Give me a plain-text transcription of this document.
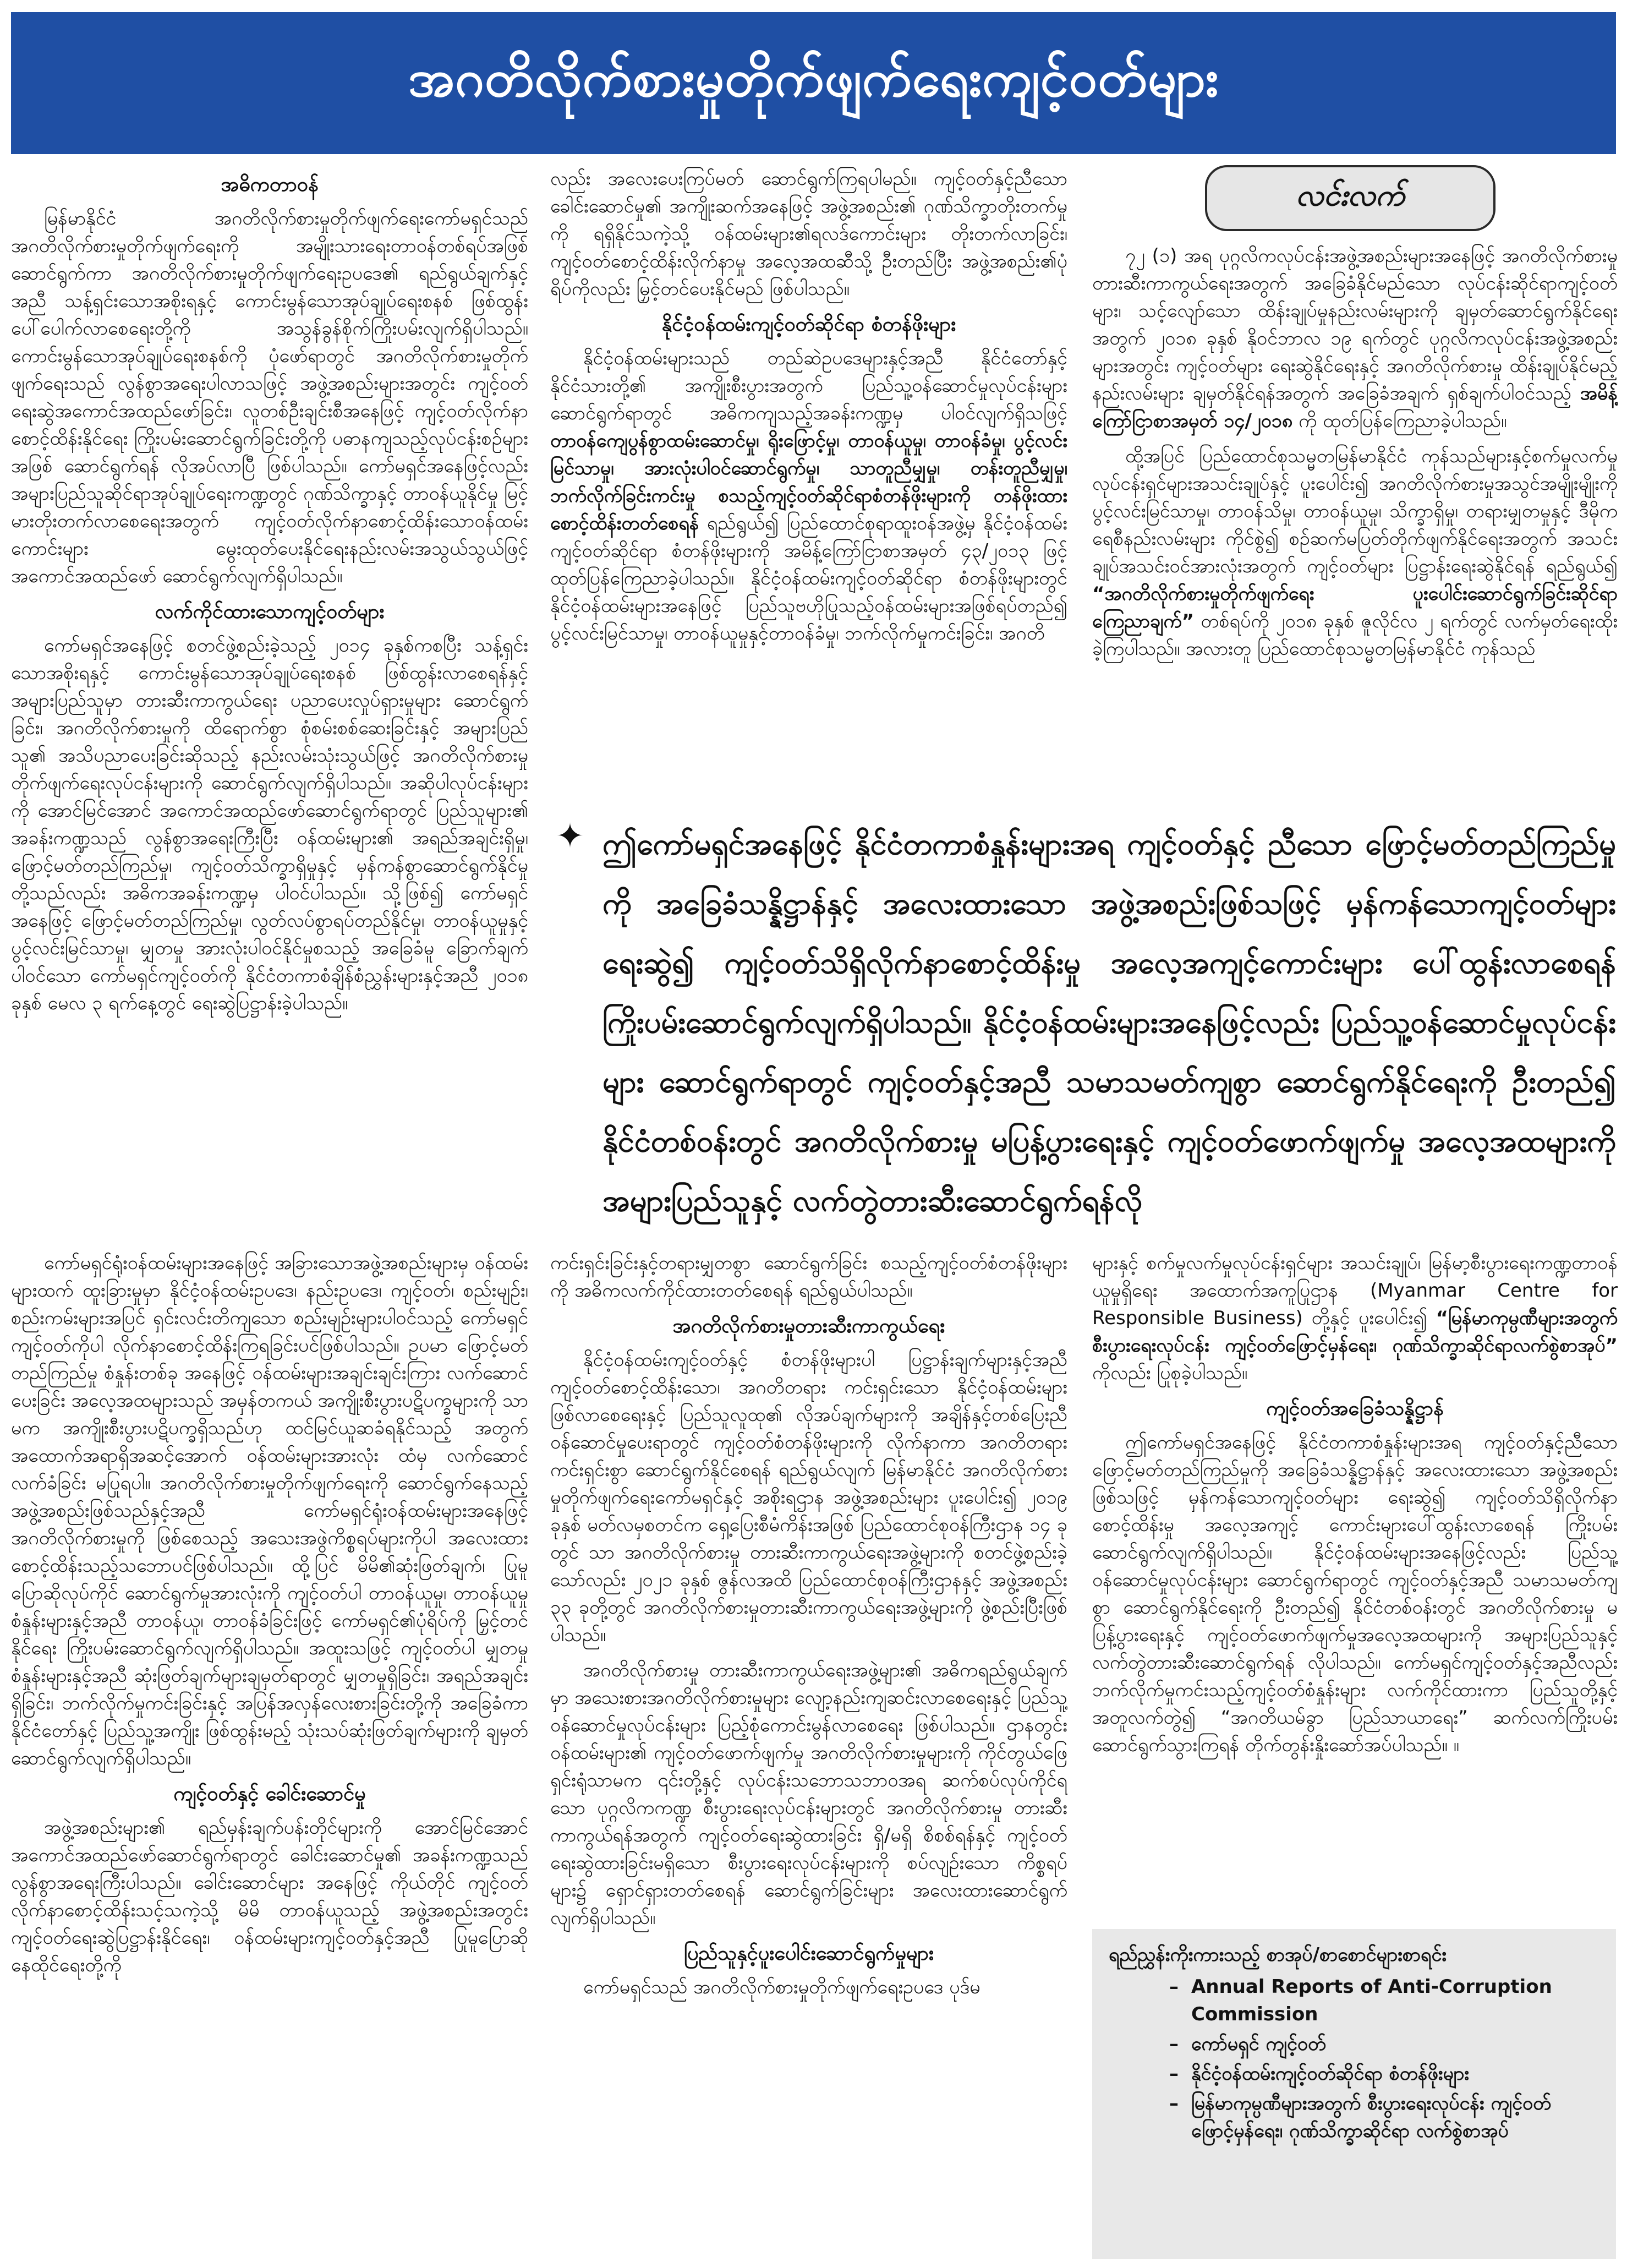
အဂတိလိုက်စားမှုတိုက်ဖျက်ရေးကျင့်ဝတ်များ
အဓိကတာဝန်

မြန်မာနိုင်ငံ အဂတိလိုက်စားမှုတိုက်ဖျက်ရေးကော်မရှင်သည် အဂတိလိုက်စားမှုတိုက်ဖျက်ရေးကို အမျိုးသားရေးတာဝန်တစ်ရပ်အဖြစ် ဆောင်ရွက်ကာ အဂတိလိုက်စားမှုတိုက်ဖျက်ရေးဥပဒေ၏ ရည်ရွယ်ချက်နှင့်အညီ သန့်ရှင်းသောအစိုးရနှင့် ကောင်းမွန်သောအုပ်ချုပ်ရေးစနစ် ဖြစ်ထွန်းပေါ်ပေါက်လာစေရေးတို့ကို အသွန်ခွန်စိုက်ကြိုးပမ်းလျက်ရှိပါသည်။ ကောင်းမွန်သောအုပ်ချုပ်ရေးစနစ်ကို ပုံဖော်ရာတွင် အဂတိလိုက်စားမှုတိုက်ဖျက်ရေးသည် လွန်စွာအရေးပါလာသဖြင့် အဖွဲ့အစည်းများအတွင်း ကျင့်ဝတ်ရေးဆွဲအကောင်အထည်ဖော်ခြင်း၊ လူတစ်ဦးချင်းစီအနေဖြင့် ကျင့်ဝတ်လိုက်နာစောင့်ထိန်းနိုင်ရေး ကြိုးပမ်းဆောင်ရွက်ခြင်းတို့ကို ပဓာနကျသည့်လုပ်ငန်းစဉ်များအဖြစ် ဆောင်ရွက်ရန် လိုအပ်လာပြီ ဖြစ်ပါသည်။ ကော်မရှင်အနေဖြင့်လည်း အများပြည်သူဆိုင်ရာအုပ်ချုပ်ရေးကဏ္ဍတွင် ဂုဏ်သိက္ခာနှင့် တာဝန်ယူနိုင်မှု မြင့်မားတိုးတက်လာစေရေးအတွက် ကျင့်ဝတ်လိုက်နာစောင့်ထိန်းသောဝန်ထမ်းကောင်းများ မွေးထုတ်ပေးနိုင်ရေးနည်းလမ်းအသွယ်သွယ်ဖြင့် အကောင်အထည်ဖော် ဆောင်ရွက်လျက်ရှိပါသည်။

လက်ကိုင်ထားသောကျင့်ဝတ်များ

ကော်မရှင်အနေဖြင့် စတင်ဖွဲ့စည်းခဲ့သည့် ၂၀၁၄ ခုနှစ်ကစပြီး သန့်ရှင်းသောအစိုးရနှင့် ကောင်းမွန်သောအုပ်ချုပ်ရေးစနစ် ဖြစ်ထွန်းလာစေရန်နှင့် အများပြည်သူမှာ တားဆီးကာကွယ်ရေး ပညာပေးလှုပ်ရှားမှုများ ဆောင်ရွက်ခြင်း၊ အဂတိလိုက်စားမှုကို ထိရောက်စွာ စုံစမ်းစစ်ဆေးခြင်းနှင့် အများပြည်သူ၏ အသိပညာပေးခြင်းဆိုသည့် နည်းလမ်းသုံးသွယ်ဖြင့် အဂတိလိုက်စားမှုတိုက်ဖျက်ရေးလုပ်ငန်းများကို ဆောင်ရွက်လျက်ရှိပါသည်။ အဆိုပါလုပ်ငန်းများကို အောင်မြင်အောင် အကောင်အထည်ဖော်ဆောင်ရွက်ရာတွင် ပြည်သူများ၏ အခန်းကဏ္ဍသည် လွန်စွာအရေးကြီးပြီး ဝန်ထမ်းများ၏ အရည်အချင်းရှိမှု၊ ဖြောင့်မတ်တည်ကြည်မှု၊ ကျင့်ဝတ်သိက္ခာရှိမှုနှင့် မှန်ကန်စွာဆောင်ရွက်နိုင်မှုတို့သည်လည်း အဓိကအခန်းကဏ္ဍမှ ပါဝင်ပါသည်။ သို့ဖြစ်၍ ကော်မရှင်အနေဖြင့် ဖြောင့်မတ်တည်ကြည်မှု၊ လွတ်လပ်စွာရပ်တည်နိုင်မှု၊ တာဝန်ယူမှုနှင့် ပွင့်လင်းမြင်သာမှု၊ မျှတမှု အားလုံးပါဝင်နိုင်မှုစသည့် အခြေခံမူ ခြောက်ချက်ပါဝင်သော ကော်မရှင်ကျင့်ဝတ်ကို နိုင်ငံတကာစံချိန်စံညွှန်းများနှင့်အညီ ၂၀၁၈ ခုနှစ် မေလ ၃ ရက်နေ့တွင် ရေးဆွဲပြဋ္ဌာန်းခဲ့ပါသည်။

လည်း အလေးပေးကြပ်မတ် ဆောင်ရွက်ကြရပါမည်။ ကျင့်ဝတ်နှင့်ညီသော ခေါင်းဆောင်မှု၏ အကျိုးဆက်အနေဖြင့် အဖွဲ့အစည်း၏ ဂုဏ်သိက္ခာတိုးတက်မှုကို ရရှိနိုင်သကဲ့သို့ ဝန်ထမ်းများ၏ရလဒ်ကောင်းများ တိုးတက်လာခြင်း၊ ကျင့်ဝတ်စောင့်ထိန်းလိုက်နာမှု အလေ့အထဆီသို့ ဦးတည်ပြီး အဖွဲ့အစည်း၏ပုံရိပ်ကိုလည်း မြှင့်တင်ပေးနိုင်မည် ဖြစ်ပါသည်။

နိုင်ငံ့ဝန်ထမ်းကျင့်ဝတ်ဆိုင်ရာ စံတန်ဖိုးများ

နိုင်ငံ့ဝန်ထမ်းများသည် တည်ဆဲဥပဒေများနှင့်အညီ နိုင်ငံတော်နှင့် နိုင်ငံသားတို့၏ အကျိုးစီးပွားအတွက် ပြည်သူ့ဝန်ဆောင်မှုလုပ်ငန်းများ ဆောင်ရွက်ရာတွင် အဓိကကျသည့်အခန်းကဏ္ဍမှ ပါဝင်လျက်ရှိသဖြင့် တာဝန်ကျေပွန်စွာထမ်းဆောင်မှု၊ ရိုးဖြောင့်မှု၊ တာဝန်ယူမှု၊ တာဝန်ခံမှု၊ ပွင့်လင်းမြင်သာမှု၊ အားလုံးပါဝင်ဆောင်ရွက်မှု၊ သာတူညီမျှမှု၊ တန်းတူညီမျှမှု၊ ဘက်လိုက်ခြင်းကင်းမှု စသည့်ကျင့်ဝတ်ဆိုင်ရာစံတန်ဖိုးများကို တန်ဖိုးထားစောင့်ထိန်းတတ်စေရန် ရည်ရွယ်၍ ပြည်ထောင်စုရာထူးဝန်အဖွဲ့မှ နိုင်ငံ့ဝန်ထမ်းကျင့်ဝတ်ဆိုင်ရာ စံတန်ဖိုးများကို အမိန့်ကြော်ငြာစာအမှတ် ၄၃/၂၀၁၃ ဖြင့် ထုတ်ပြန်ကြေညာခဲ့ပါသည်။ နိုင်ငံ့ဝန်ထမ်းကျင့်ဝတ်ဆိုင်ရာ စံတန်ဖိုးများတွင် နိုင်ငံ့ဝန်ထမ်းများအနေဖြင့် ပြည်သူဗဟိုပြုသည့်ဝန်ထမ်းများအဖြစ်ရပ်တည်၍ ပွင့်လင်းမြင်သာမှု၊ တာဝန်ယူမှုနှင့်တာဝန်ခံမှု၊ ဘက်လိုက်မှုကင်းခြင်း၊ အဂတိ

လင်းလက်

၇၂ (၁) အရ ပုဂ္ဂလိကလုပ်ငန်းအဖွဲ့အစည်းများအနေဖြင့် အဂတိလိုက်စားမှု တားဆီးကာကွယ်ရေးအတွက် အခြေခံနိုင်မည်သော လုပ်ငန်းဆိုင်ရာကျင့်ဝတ်များ၊ သင့်လျော်သော ထိန်းချုပ်မှုနည်းလမ်းများကို ချမှတ်ဆောင်ရွက်နိုင်ရေးအတွက် ၂၀၁၈ ခုနှစ် နိုဝင်ဘာလ ၁၉ ရက်တွင် ပုဂ္ဂလိကလုပ်ငန်းအဖွဲ့အစည်းများအတွင်း ကျင့်ဝတ်များ ရေးဆွဲနိုင်ရေးနှင့် အဂတိလိုက်စားမှု ထိန်းချုပ်နိုင်မည့်နည်းလမ်းများ ချမှတ်နိုင်ရန်အတွက် အခြေခံအချက် ရှစ်ချက်ပါဝင်သည့် အမိန့်ကြော်ငြာစာအမှတ် ၁၄/၂၀၁၈ ကို ထုတ်ပြန်ကြေညာခဲ့ပါသည်။

ထို့အပြင် ပြည်ထောင်စုသမ္မတမြန်မာနိုင်ငံ ကုန်သည်များနှင့်စက်မှုလက်မှုလုပ်ငန်းရှင်များအသင်းချုပ်နှင့် ပူးပေါင်း၍ အဂတိလိုက်စားမှုအသွင်အမျိုးမျိုးကို ပွင့်လင်းမြင်သာမှု၊ တာဝန်သိမှု၊ တာဝန်ယူမှု၊ သိက္ခာရှိမှု၊ တရားမျှတမှုနှင့် ဒီမိုကရေစီနည်းလမ်းများ ကိုင်စွဲ၍ စဉ်ဆက်မပြတ်တိုက်ဖျက်နိုင်ရေးအတွက် အသင်းချုပ်အသင်းဝင်အားလုံးအတွက် ကျင့်ဝတ်များ ပြဋ္ဌာန်းရေးဆွဲနိုင်ရန် ရည်ရွယ်၍ “အဂတိလိုက်စားမှုတိုက်ဖျက်ရေး ပူးပေါင်းဆောင်ရွက်ခြင်းဆိုင်ရာ ကြေညာချက်” တစ်ရပ်ကို ၂၀၁၈ ခုနှစ် ဇူလိုင်လ ၂ ရက်တွင် လက်မှတ်ရေးထိုးခဲ့ကြပါသည်။ အလားတူ ပြည်ထောင်စုသမ္မတမြန်မာနိုင်ငံ ကုန်သည်

✦ ဤကော်မရှင်အနေဖြင့် နိုင်ငံတကာစံနှုန်းများအရ ကျင့်ဝတ်နှင့် ညီသော ဖြောင့်မတ်တည်ကြည်မှုကို အခြေခံသန္နိဋ္ဌာန်နှင့် အလေးထားသော အဖွဲ့အစည်းဖြစ်သဖြင့် မှန်ကန်သောကျင့်ဝတ်များ ရေးဆွဲ၍ ကျင့်ဝတ်သိရှိလိုက်နာစောင့်ထိန်းမှု အလေ့အကျင့်ကောင်းများ ပေါ်ထွန်းလာစေရန် ကြိုးပမ်းဆောင်ရွက်လျက်ရှိပါသည်။ နိုင်ငံ့ဝန်ထမ်းများအနေဖြင့်လည်း ပြည်သူ့ဝန်ဆောင်မှုလုပ်ငန်းများ ဆောင်ရွက်ရာတွင် ကျင့်ဝတ်နှင့်အညီ သမာသမတ်ကျစွာ ဆောင်ရွက်နိုင်ရေးကို ဦးတည်၍ နိုင်ငံတစ်ဝန်းတွင် အဂတိလိုက်စားမှု မပြန့်ပွားရေးနှင့် ကျင့်ဝတ်ဖောက်ဖျက်မှု အလေ့အထများကို အများပြည်သူနှင့် လက်တွဲတားဆီးဆောင်ရွက်ရန်လို

ကော်မရှင်ရုံးဝန်ထမ်းများအနေဖြင့် အခြားသောအဖွဲ့အစည်းများမှ ဝန်ထမ်းများထက် ထူးခြားမှုမှာ နိုင်ငံ့ဝန်ထမ်းဥပဒေ၊ နည်းဥပဒေ၊ ကျင့်ဝတ်၊ စည်းမျဉ်း၊ စည်းကမ်းများအပြင် ရှင်းလင်းတိကျသော စည်းမျဉ်းများပါဝင်သည့် ကော်မရှင်ကျင့်ဝတ်ကိုပါ လိုက်နာစောင့်ထိန်းကြရခြင်းပင်ဖြစ်ပါသည်။ ဥပမာ ဖြောင့်မတ်တည်ကြည်မှု စံနှုန်းတစ်ခု အနေဖြင့် ဝန်ထမ်းများအချင်းချင်းကြား လက်ဆောင်ပေးခြင်း အလေ့အထများသည် အမှန်တကယ် အကျိုးစီးပွားပဋိပက္ခများကို သာမက အကျိုးစီးပွားပဋိပက္ခရှိသည်ဟု ထင်မြင်ယူဆခံရနိုင်သည့် အတွက် အထောက်အရာရှိအဆင့်အောက် ဝန်ထမ်းများအားလုံး ထံမှ လက်ဆောင်လက်ခံခြင်း မပြုရပါ။ အဂတိလိုက်စားမှုတိုက်ဖျက်ရေးကို ဆောင်ရွက်နေသည့် အဖွဲ့အစည်းဖြစ်သည်နှင့်အညီ ကော်မရှင်ရုံးဝန်ထမ်းများအနေဖြင့် အဂတိလိုက်စားမှုကို ဖြစ်စေသည့် အသေးအဖွဲကိစ္စရပ်များကိုပါ အလေးထားစောင့်ထိန်းသည့်သဘောပင်ဖြစ်ပါသည်။ ထို့ပြင် မိမိ၏ဆုံးဖြတ်ချက်၊ ပြုမူပြောဆိုလုပ်ကိုင် ဆောင်ရွက်မှုအားလုံးကို ကျင့်ဝတ်ပါ တာဝန်ယူမှု၊ တာဝန်ယူမှုစံနှုန်းများနှင့်အညီ တာဝန်ယူ၊ တာဝန်ခံခြင်းဖြင့် ကော်မရှင်၏ပုံရိပ်ကို မြှင့်တင်နိုင်ရေး ကြိုးပမ်းဆောင်ရွက်လျက်ရှိပါသည်။ အထူးသဖြင့် ကျင့်ဝတ်ပါ မျှတမှုစံနှုန်းများနှင့်အညီ ဆုံးဖြတ်ချက်များချမှတ်ရာတွင် မျှတမှုရှိခြင်း၊ အရည်အချင်းရှိခြင်း၊ ဘက်လိုက်မှုကင်းခြင်းနှင့် အပြန်အလှန်လေးစားခြင်းတို့ကို အခြေခံကာ နိုင်ငံတော်နှင့် ပြည်သူ့အကျိုး ဖြစ်ထွန်းမည့် သုံးသပ်ဆုံးဖြတ်ချက်များကို ချမှတ်ဆောင်ရွက်လျက်ရှိပါသည်။

ကျင့်ဝတ်နှင့် ခေါင်းဆောင်မှု

အဖွဲ့အစည်းများ၏ ရည်မှန်းချက်ပန်းတိုင်များကို အောင်မြင်အောင် အကောင်အထည်ဖော်ဆောင်ရွက်ရာတွင် ခေါင်းဆောင်မှု၏ အခန်းကဏ္ဍသည် လွန်စွာအရေးကြီးပါသည်။ ခေါင်းဆောင်များ အနေဖြင့် ကိုယ်တိုင် ကျင့်ဝတ်လိုက်နာစောင့်ထိန်းသင့်သကဲ့သို့ မိမိ တာဝန်ယူသည့် အဖွဲ့အစည်းအတွင်း ကျင့်ဝတ်ရေးဆွဲပြဋ္ဌာန်းနိုင်ရေး၊ ဝန်ထမ်းများကျင့်ဝတ်နှင့်အညီ ပြုမူပြောဆိုနေထိုင်ရေးတို့ကို

ကင်းရှင်းခြင်းနှင့်တရားမျှတစွာ ဆောင်ရွက်ခြင်း စသည့်ကျင့်ဝတ်စံတန်ဖိုးများကို အဓိကလက်ကိုင်ထားတတ်စေရန် ရည်ရွယ်ပါသည်။

အဂတိလိုက်စားမှုတားဆီးကာကွယ်ရေး

နိုင်ငံ့ဝန်ထမ်းကျင့်ဝတ်နှင့် စံတန်ဖိုးများပါ ပြဋ္ဌာန်းချက်များနှင့်အညီ ကျင့်ဝတ်စောင့်ထိန်းသော၊ အဂတိတရား ကင်းရှင်းသော နိုင်ငံ့ဝန်ထမ်းများ ဖြစ်လာစေရေးနှင့် ပြည်သူလူထု၏ လိုအပ်ချက်များကို အချိန်နှင့်တစ်ပြေးညီဝန်ဆောင်မှုပေးရာတွင် ကျင့်ဝတ်စံတန်ဖိုးများကို လိုက်နာကာ အဂတိတရားကင်းရှင်းစွာ ဆောင်ရွက်နိုင်စေရန် ရည်ရွယ်လျက် မြန်မာနိုင်ငံ အဂတိလိုက်စားမှုတိုက်ဖျက်ရေးကော်မရှင်နှင့် အစိုးရဌာန အဖွဲ့အစည်းများ ပူးပေါင်း၍ ၂၀၁၉ ခုနှစ် မတ်လမှစတင်က ရှေ့ပြေးစီမံကိန်းအဖြစ် ပြည်ထောင်စုဝန်ကြီးဌာန ၁၄ ခုတွင် သာ အဂတိလိုက်စားမှု တားဆီးကာကွယ်ရေးအဖွဲ့များကို စတင်ဖွဲ့စည်းခဲ့သော်လည်း ၂၀၂၁ ခုနှစ် ဇွန်လအထိ ပြည်ထောင်စုဝန်ကြီးဌာနနှင့် အဖွဲ့အစည်း ၃၃ ခုတို့တွင် အဂတိလိုက်စားမှုတားဆီးကာကွယ်ရေးအဖွဲ့များကို ဖွဲ့စည်းပြီးဖြစ်ပါသည်။

အဂတိလိုက်စားမှု တားဆီးကာကွယ်ရေးအဖွဲ့များ၏ အဓိကရည်ရွယ်ချက်မှာ အသေးစားအဂတိလိုက်စားမှုများ လျော့နည်းကျဆင်းလာစေရေးနှင့် ပြည်သူ့ဝန်ဆောင်မှုလုပ်ငန်းများ ပြည့်စုံကောင်းမွန်လာစေရေး ဖြစ်ပါသည်။ ဌာနတွင်းဝန်ထမ်းများ၏ ကျင့်ဝတ်ဖောက်ဖျက်မှု အဂတိလိုက်စားမှုများကို ကိုင်တွယ်ဖြေရှင်းရုံသာမက ၎င်းတို့နှင့် လုပ်ငန်းသဘောသဘာဝအရ ဆက်စပ်လုပ်ကိုင်ရသော ပုဂ္ဂလိကကဏ္ဍ စီးပွားရေးလုပ်ငန်းများတွင် အဂတိလိုက်စားမှု တားဆီးကာကွယ်ရန်အတွက် ကျင့်ဝတ်ရေးဆွဲထားခြင်း ရှိ/မရှိ စိစစ်ရန်နှင့် ကျင့်ဝတ်ရေးဆွဲထားခြင်းမရှိသော စီးပွားရေးလုပ်ငန်းများကို စပ်လျဉ်းသော ကိစ္စရပ်များ၌ ရှောင်ရှားတတ်စေရန် ဆောင်ရွက်ခြင်းများ အလေးထားဆောင်ရွက်လျက်ရှိပါသည်။

ပြည်သူနှင့်ပူးပေါင်းဆောင်ရွက်မှုများ

ကော်မရှင်သည် အဂတိလိုက်စားမှုတိုက်ဖျက်ရေးဥပဒေ ပုဒ်မ

များနှင့် စက်မှုလက်မှုလုပ်ငန်းရှင်များ အသင်းချုပ်၊ မြန်မာ့စီးပွားရေးကဏ္ဍတာဝန်ယူမှုရှိရေး အထောက်အကူပြုဌာန (Myanmar Centre for Responsible Business) တို့နှင့် ပူးပေါင်း၍ “မြန်မာကုမ္ပဏီများအတွက် စီးပွားရေးလုပ်ငန်း ကျင့်ဝတ်ဖြောင့်မှန်ရေး၊ ဂုဏ်သိက္ခာဆိုင်ရာလက်စွဲစာအုပ်” ကိုလည်း ပြုစုခဲ့ပါသည်။

ကျင့်ဝတ်အခြေခံသန္နိဋ္ဌာန်

ဤကော်မရှင်အနေဖြင့် နိုင်ငံတကာစံနှုန်းများအရ ကျင့်ဝတ်နှင့်ညီသော ဖြောင့်မတ်တည်ကြည်မှုကို အခြေခံသန္နိဋ္ဌာန်နှင့် အလေးထားသော အဖွဲ့အစည်းဖြစ်သဖြင့် မှန်ကန်သောကျင့်ဝတ်များ ရေးဆွဲ၍ ကျင့်ဝတ်သိရှိလိုက်နာစောင့်ထိန်းမှု အလေ့အကျင့် ကောင်းများပေါ်ထွန်းလာစေရန် ကြိုးပမ်းဆောင်ရွက်လျက်ရှိပါသည်။ နိုင်ငံ့ဝန်ထမ်းများအနေဖြင့်လည်း ပြည်သူ့ဝန်ဆောင်မှုလုပ်ငန်းများ ဆောင်ရွက်ရာတွင် ကျင့်ဝတ်နှင့်အညီ သမာသမတ်ကျစွာ ဆောင်ရွက်နိုင်ရေးကို ဦးတည်၍ နိုင်ငံတစ်ဝန်းတွင် အဂတိလိုက်စားမှု မပြန့်ပွားရေးနှင့် ကျင့်ဝတ်ဖောက်ဖျက်မှုအလေ့အထများကို အများပြည်သူနှင့် လက်တွဲတားဆီးဆောင်ရွက်ရန် လိုပါသည်။ ကော်မရှင်ကျင့်ဝတ်နှင့်အညီလည်း ဘက်လိုက်မှုကင်းသည့်ကျင့်ဝတ်စံနှုန်းများ လက်ကိုင်ထားကာ ပြည်သူတို့နှင့်အတူလက်တွဲ၍ “အဂတိယမ်ခွာ ပြည်သာယာရေး” ဆက်လက်ကြိုးပမ်းဆောင်ရွက်သွားကြရန် တိုက်တွန်းနှိုးဆော်အပ်ပါသည်။ ။

ရည်ညွှန်းကိုးကားသည့် စာအုပ်/စာစောင်များစာရင်း
– Annual Reports of Anti-Corruption Commission
– ကော်မရှင် ကျင့်ဝတ်
– နိုင်ငံ့ဝန်ထမ်းကျင့်ဝတ်ဆိုင်ရာ စံတန်ဖိုးများ
– မြန်မာကုမ္ပဏီများအတွက် စီးပွားရေးလုပ်ငန်း ကျင့်ဝတ်ဖြောင့်မှန်ရေး၊ ဂုဏ်သိက္ခာဆိုင်ရာ လက်စွဲစာအုပ်
